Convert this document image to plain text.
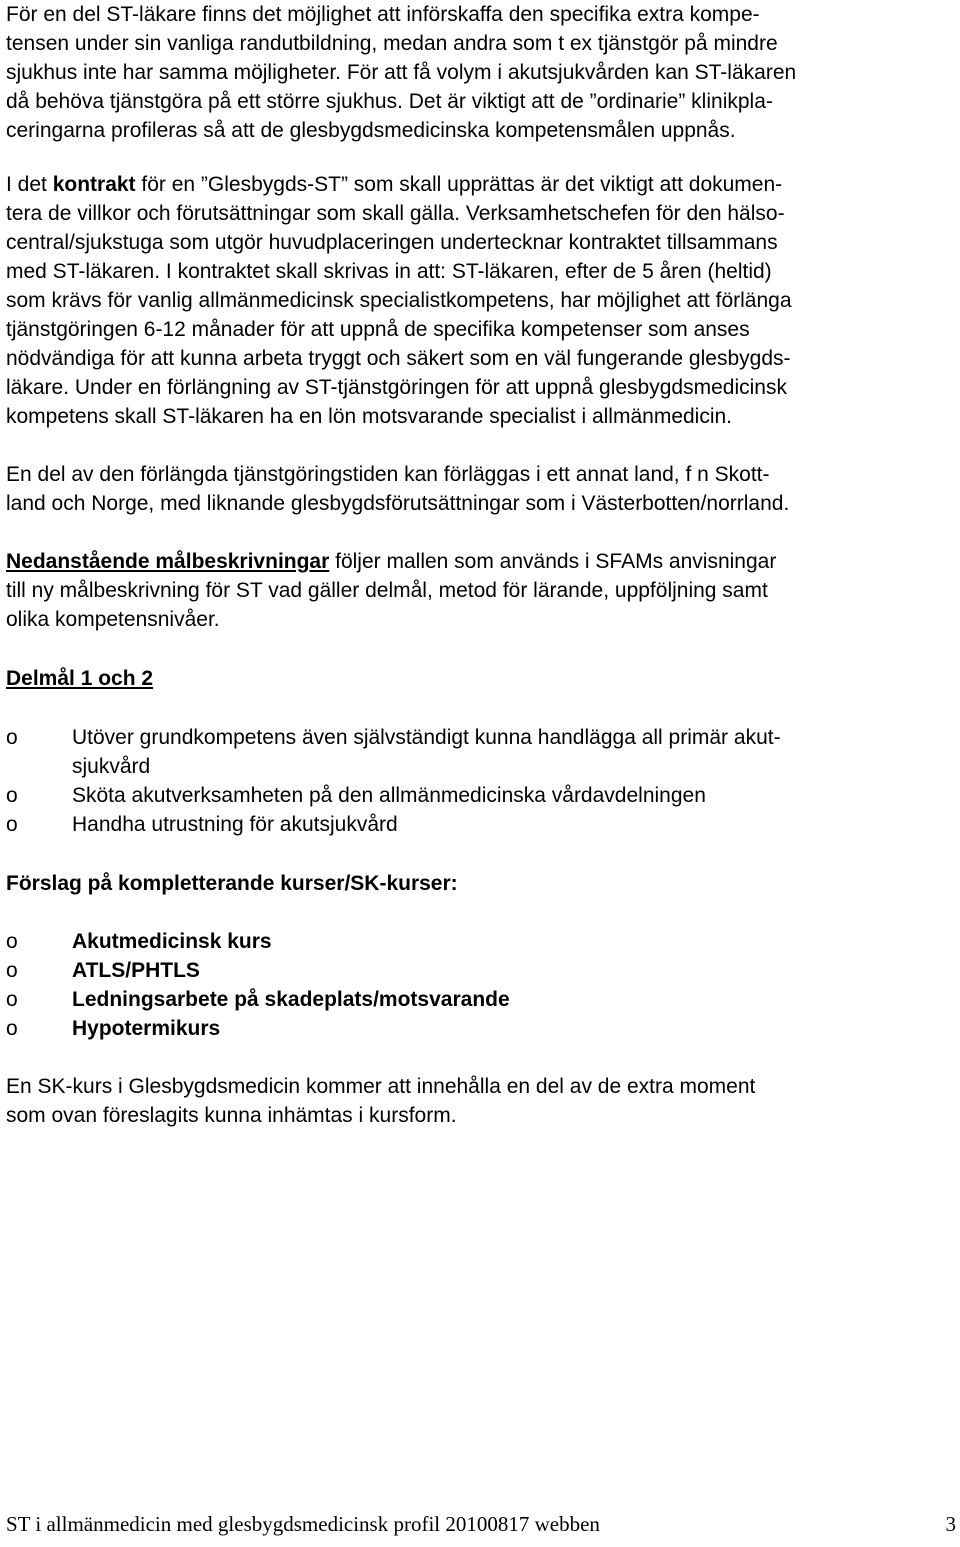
För en del ST-läkare finns det möjlighet att införskaffa den specifika extra kompe-
tensen under sin vanliga randutbildning, medan andra som t ex tjänstgör på mindre
sjukhus inte har samma möjligheter. För att få volym i akutsjukvården kan ST-läkaren
då behöva tjänstgöra på ett större sjukhus. Det är viktigt att de ”ordinarie” klinikpla-
ceringarna profileras så att de glesbygdsmedicinska kompetensmålen uppnås.

I det kontrakt för en ”Glesbygds-ST” som skall upprättas är det viktigt att dokumen-
tera de villkor och förutsättningar som skall gälla. Verksamhetschefen för den hälso-
central/sjukstuga som utgör huvudplaceringen undertecknar kontraktet tillsammans
med ST-läkaren. I kontraktet skall skrivas in att: ST-läkaren, efter de 5 åren (heltid)
som krävs för vanlig allmänmedicinsk specialistkompetens, har möjlighet att förlänga
tjänstgöringen 6-12 månader för att uppnå de specifika kompetenser som anses
nödvändiga för att kunna arbeta tryggt och säkert som en väl fungerande glesbygds-
läkare. Under en förlängning av ST-tjänstgöringen för att uppnå glesbygdsmedicinsk
kompetens skall ST-läkaren ha en lön motsvarande specialist i allmänmedicin.

En del av den förlängda tjänstgöringstiden kan förläggas i ett annat land, f n Skott-
land och Norge, med liknande glesbygdsförutsättningar som i Västerbotten/norrland.

Nedanstående målbeskrivningar följer mallen som används i SFAMs anvisningar
till ny målbeskrivning för ST vad gäller delmål, metod för lärande, uppföljning samt
olika kompetensnivåer.

Delmål 1 och 2
o	Utöver grundkompetens även självständigt kunna handlägga all primär akut-
sjukvård
o	Sköta akutverksamheten på den allmänmedicinska vårdavdelningen
o	Handha utrustning för akutsjukvård
Förslag på kompletterande kurser/SK-kurser:
o	Akutmedicinsk kurs
o	ATLS/PHTLS
o	Ledningsarbete på skadeplats/motsvarande
o	Hypotermikurs

En SK-kurs i Glesbygdsmedicin kommer att innehålla en del av de extra moment
som ovan föreslagits kunna inhämtas i kursform.

ST i allmänmedicin med glesbygdsmedicinsk profil 20100817 webben	3
